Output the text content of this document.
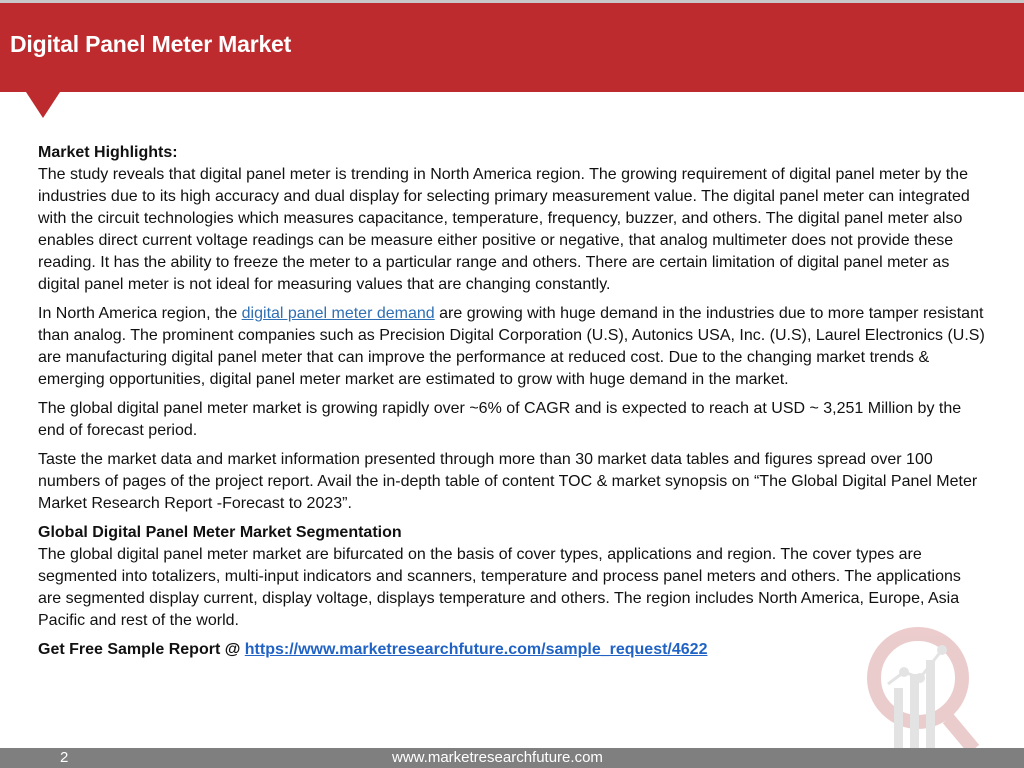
Digital Panel Meter Market

Market Highlights:
The study reveals that digital panel meter is trending in North America region. The growing requirement of digital panel meter by the industries due to its high accuracy and dual display for selecting primary measurement value. The digital panel meter can integrated with the circuit technologies which measures capacitance, temperature, frequency, buzzer, and others. The digital panel meter also enables direct current voltage readings can be measure either positive or negative, that analog multimeter does not provide these reading. It has the ability to freeze the meter to a particular range and others. There are certain limitation of digital panel meter as digital panel meter is not ideal for measuring values that are changing constantly.

In North America region, the digital panel meter demand are growing with huge demand in the industries due to more tamper resistant than analog. The prominent companies such as Precision Digital Corporation (U.S), Autonics USA, Inc. (U.S), Laurel Electronics (U.S) are manufacturing digital panel meter that can improve the performance at reduced cost. Due to the changing market trends & emerging opportunities, digital panel meter market are estimated to grow with huge demand in the market.

The global digital panel meter market is growing rapidly over ~6% of CAGR and is expected to reach at USD ~ 3,251 Million by the end of forecast period.

Taste the market data and market information presented through more than 30 market data tables and figures spread over 100 numbers of pages of the project report. Avail the in-depth table of content TOC & market synopsis on “The Global Digital Panel Meter Market Research Report -Forecast to 2023”.

Global Digital Panel Meter Market Segmentation
The global digital panel meter market are bifurcated on the basis of cover types, applications and region. The cover types are segmented into totalizers, multi-input indicators and scanners, temperature and process panel meters and others. The applications are segmented display current, display voltage, displays temperature and others. The region includes North America, Europe, Asia Pacific and rest of the world.

Get Free Sample Report @ https://www.marketresearchfuture.com/sample_request/4622

2	www.marketresearchfuture.com
